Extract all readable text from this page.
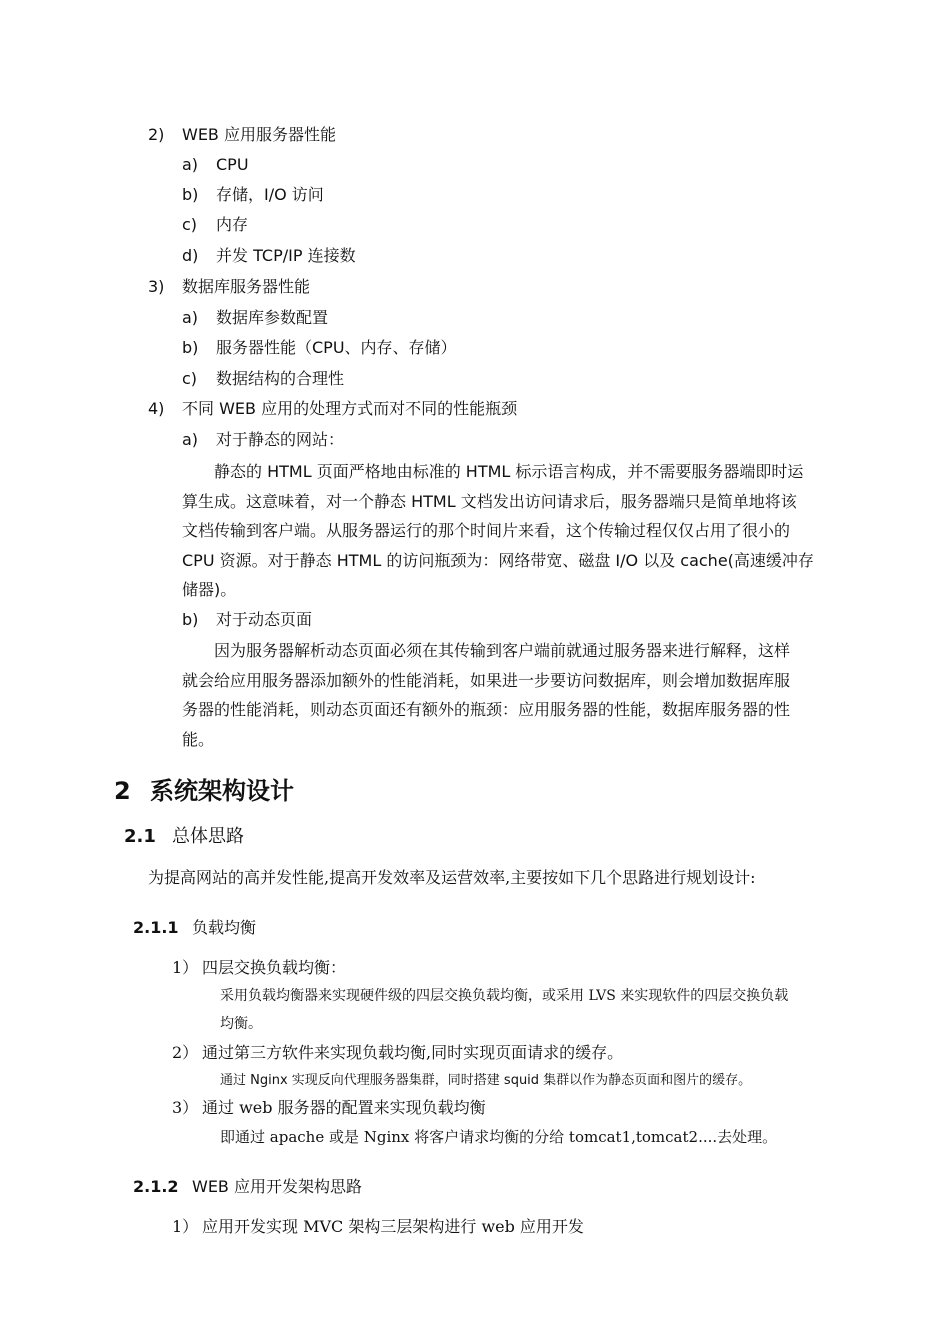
2) WEB 应用服务器性能
a) CPU
b) 存储，I/O 访问
c) 内存
d) 并发 TCP/IP 连接数
3) 数据库服务器性能
a) 数据库参数配置
b) 服务器性能（CPU、内存、存储）
c) 数据结构的合理性
4) 不同 WEB 应用的处理方式而对不同的性能瓶颈
a) 对于静态的网站：
　　静态的 HTML 页面严格地由标准的 HTML 标示语言构成，并不需要服务器端即时运
算生成。这意味着，对一个静态 HTML 文档发出访问请求后，服务器端只是简单地将该
文档传输到客户端。从服务器运行的那个时间片来看，这个传输过程仅仅占用了很小的
CPU 资源。对于静态 HTML 的访问瓶颈为：网络带宽、磁盘 I/O 以及 cache(高速缓冲存
储器)。
b) 对于动态页面
　　因为服务器解析动态页面必须在其传输到客户端前就通过服务器来进行解释，这样
就会给应用服务器添加额外的性能消耗，如果进一步要访问数据库，则会增加数据库服
务器的性能消耗，则动态页面还有额外的瓶颈：应用服务器的性能，数据库服务器的性
能。
2 系统架构设计
2.1 总体思路
为提高网站的高并发性能,提高开发效率及运营效率,主要按如下几个思路进行规划设计:
2.1.1 负载均衡
1） 四层交换负载均衡：
采用负载均衡器来实现硬件级的四层交换负载均衡，或采用 LVS 来实现软件的四层交换负载
均衡。
2） 通过第三方软件来实现负载均衡,同时实现页面请求的缓存。
通过 Nginx 实现反向代理服务器集群，同时搭建 squid 集群以作为静态页面和图片的缓存。
3） 通过 web 服务器的配置来实现负载均衡
即通过 apache 或是 Nginx 将客户请求均衡的分给 tomcat1,tomcat2....去处理。
2.1.2 WEB 应用开发架构思路
1） 应用开发实现 MVC 架构三层架构进行 web 应用开发
